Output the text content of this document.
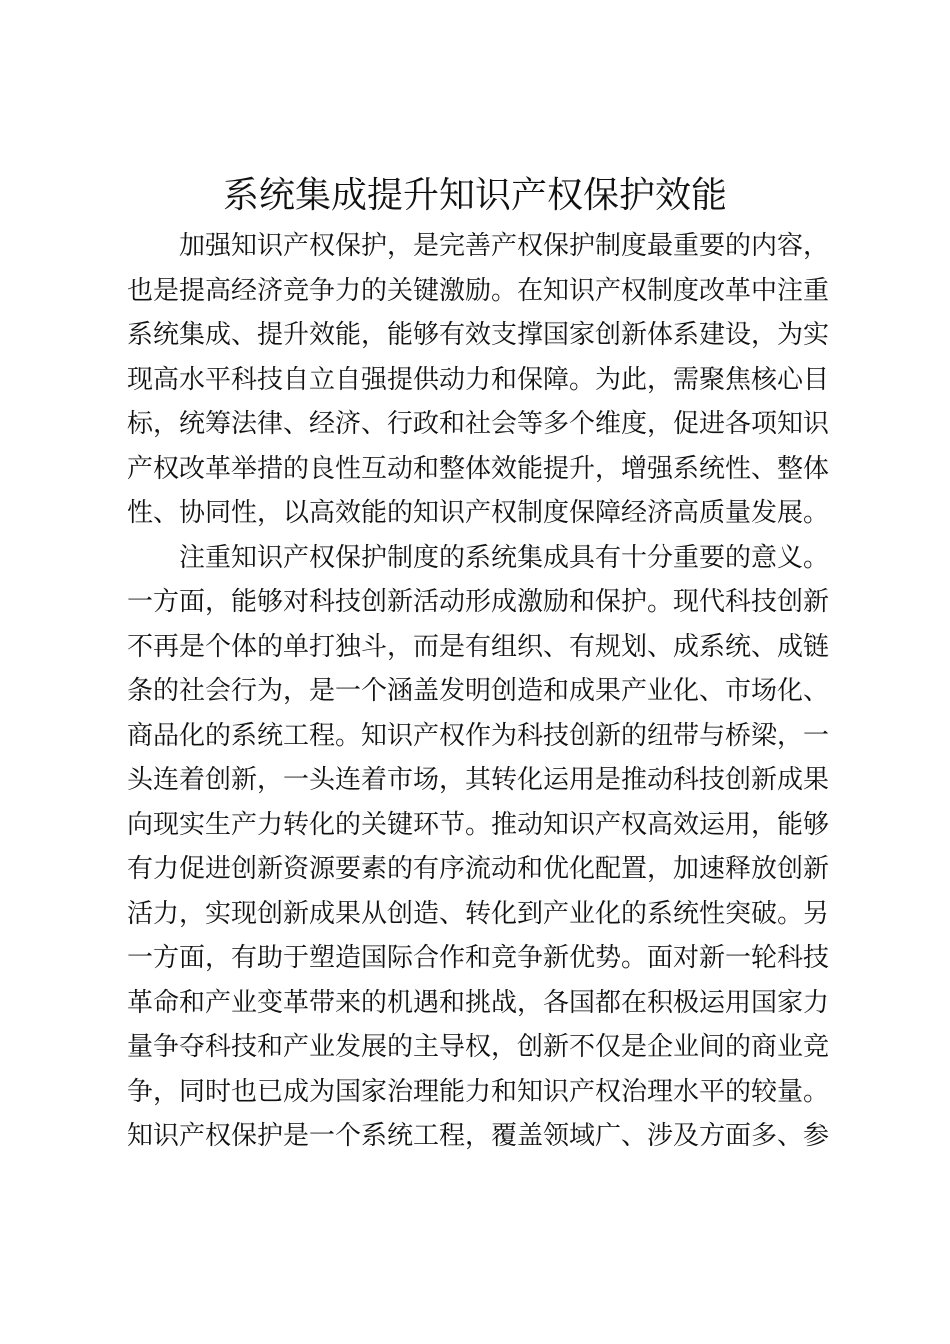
系统集成提升知识产权保护效能
加强知识产权保护，是完善产权保护制度最重要的内容，
也是提高经济竞争力的关键激励。在知识产权制度改革中注重
系统集成、提升效能，能够有效支撑国家创新体系建设，为实
现高水平科技自立自强提供动力和保障。为此，需聚焦核心目
标，统筹法律、经济、行政和社会等多个维度，促进各项知识
产权改革举措的良性互动和整体效能提升，增强系统性、整体
性、协同性，以高效能的知识产权制度保障经济高质量发展。
注重知识产权保护制度的系统集成具有十分重要的意义。
一方面，能够对科技创新活动形成激励和保护。现代科技创新
不再是个体的单打独斗，而是有组织、有规划、成系统、成链
条的社会行为，是一个涵盖发明创造和成果产业化、市场化、
商品化的系统工程。知识产权作为科技创新的纽带与桥梁，一
头连着创新，一头连着市场，其转化运用是推动科技创新成果
向现实生产力转化的关键环节。推动知识产权高效运用，能够
有力促进创新资源要素的有序流动和优化配置，加速释放创新
活力，实现创新成果从创造、转化到产业化的系统性突破。另
一方面，有助于塑造国际合作和竞争新优势。面对新一轮科技
革命和产业变革带来的机遇和挑战，各国都在积极运用国家力
量争夺科技和产业发展的主导权，创新不仅是企业间的商业竞
争，同时也已成为国家治理能力和知识产权治理水平的较量。
知识产权保护是一个系统工程，覆盖领域广、涉及方面多、参
